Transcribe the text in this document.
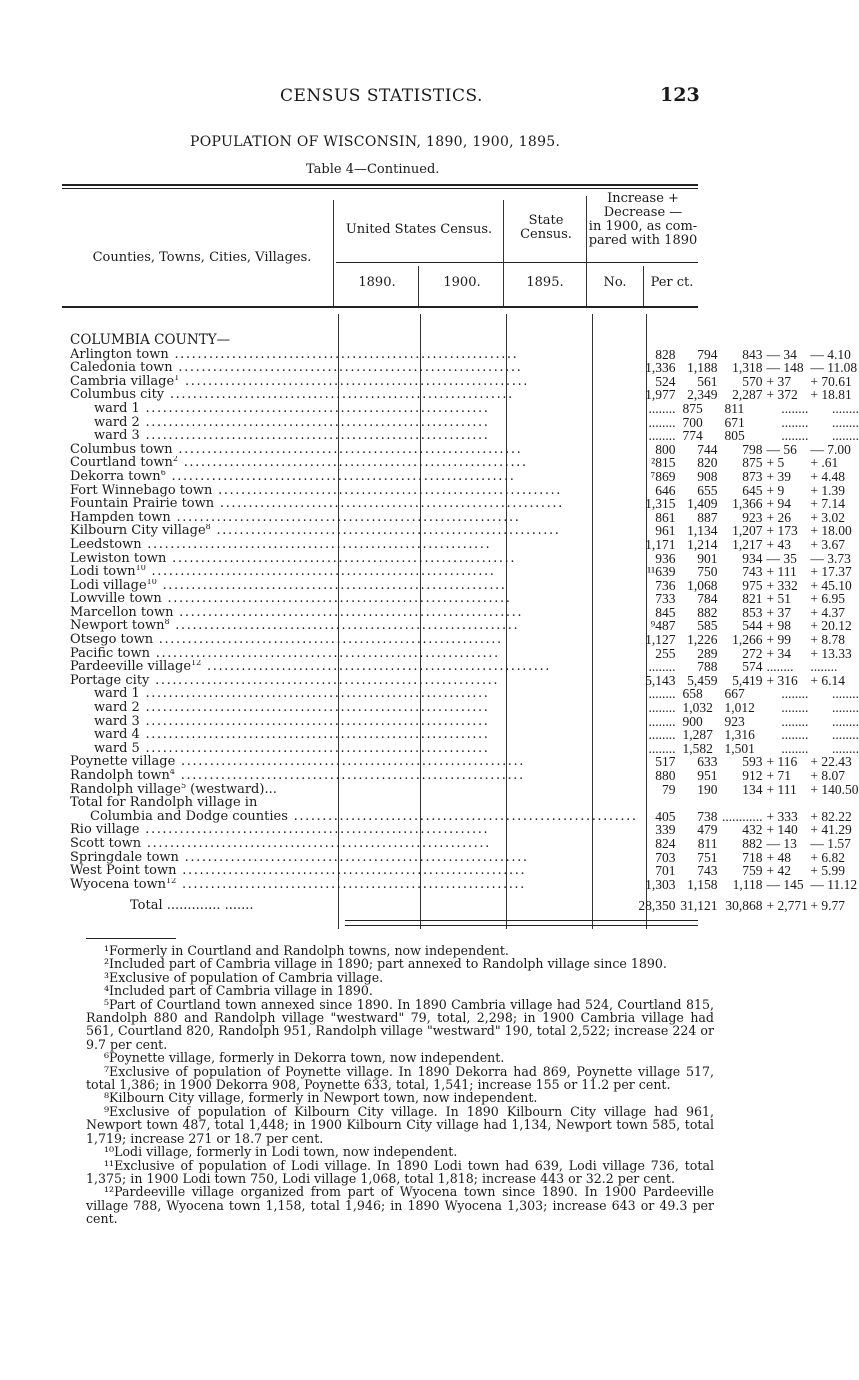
CENSUS STATISTICS.	123
POPULATION OF WISCONSIN, 1890, 1900, 1895.
Table 4—Continued.
Counties, Towns, Cities, Villages.
United States Census.
State Census.
Increase +
Decrease —
in 1900, as com-
pared with 1890
1890.	1900.	1895.	No.	Per ct.
COLUMBIA COUNTY—					
Arlington town ............................................................	828	794	843	— 34	— 4.10
Caledonia town ............................................................	1,336	1,188	1,318	— 148	— 11.08
Cambria village$^1$ ............................................................	524	561	570	+ 37	+ 70.61
Columbus city ............................................................	1,977	2,349	2,287	+ 372	+ 18.81
ward 1 ............................................................	........	875	811	........	........
ward 2 ............................................................	........	700	671	........	........
ward 3 ............................................................	........	774	805	........	........
Columbus town ............................................................	800	744	798	— 56	— 7.00
Courtland town$^2$ ............................................................	²815	820	875	+ 5	+ .61
Dekorra town$^6$ ............................................................	⁷869	908	873	+ 39	+ 4.48
Fort Winnebago town ............................................................	646	655	645	+ 9	+ 1.39
Fountain Prairie town ............................................................	1,315	1,409	1,366	+ 94	+ 7.14
Hampden town ............................................................	861	887	923	+ 26	+ 3.02
Kilbourn City village$^8$ ............................................................	961	1,134	1,207	+ 173	+ 18.00
Leedstown ............................................................	1,171	1,214	1,217	+ 43	+ 3.67
Lewiston town ............................................................	936	901	934	— 35	— 3.73
Lodi town$^{10}$ ............................................................	¹¹639	750	743	+ 111	+ 17.37
Lodi village$^{10}$ ............................................................	736	1,068	975	+ 332	+ 45.10
Lowville town ............................................................	733	784	821	+ 51	+ 6.95
Marcellon town ............................................................	845	882	853	+ 37	+ 4.37
Newport town$^8$ ............................................................	⁹487	585	544	+ 98	+ 20.12
Otsego town ............................................................	1,127	1,226	1,266	+ 99	+ 8.78
Pacific town ............................................................	255	289	272	+ 34	+ 13.33
Pardeeville village$^{12}$ ............................................................	........	788	574	........	........
Portage city ............................................................	5,143	5,459	5,419	+ 316	+ 6.14
ward 1 ............................................................	........	658	667	........	........
ward 2 ............................................................	........	1,032	1,012	........	........
ward 3 ............................................................	........	900	923	........	........
ward 4 ............................................................	........	1,287	1,316	........	........
ward 5 ............................................................	........	1,582	1,501	........	........
Poynette village ............................................................	517	633	593	+ 116	+ 22.43
Randolph town$^4$ ............................................................	880	951	912	+ 71	+ 8.07
Randolph village$^5$ (westward)...	79	190	134	+ 111	+ 140.50
Total for Randolph village in					
Columbia and Dodge counties ............................................................	405	738	............	+ 333	+ 82.22
Rio village ............................................................	339	479	432	+ 140	+ 41.29
Scott town ............................................................	824	811	882	— 13	— 1.57
Springdale town ............................................................	703	751	718	+ 48	+ 6.82
West Point town ............................................................	701	743	759	+ 42	+ 5.99
Wyocena town$^{12}$ ............................................................	1,303	1,158	1,118	— 145	— 11.12
Total ............. .......	28,350	31,121	30,868	+ 2,771	+ 9.77

¹Formerly in Courtland and Randolph towns, now independent.

²Included part of Cambria village in 1890; part annexed to Randolph village since 1890.

³Exclusive of population of Cambria village.

⁴Included part of Cambria village in 1890.

⁵Part of Courtland town annexed since 1890. In 1890 Cambria village had 524, Courtland 815, Randolph 880 and Randolph village "westward" 79, total, 2,298; in 1900 Cambria village had 561, Courtland 820, Randolph 951, Randolph village "westward" 190, total 2,522; increase 224 or 9.7 per cent.

⁶Poynette village, formerly in Dekorra town, now independent.

⁷Exclusive of population of Poynette village. In 1890 Dekorra had 869, Poynette village 517, total 1,386; in 1900 Dekorra 908, Poynette 633, total, 1,541; increase 155 or 11.2 per cent.

⁸Kilbourn City village, formerly in Newport town, now independent.

⁹Exclusive of population of Kilbourn City village. In 1890 Kilbourn City village had 961, Newport town 487, total 1,448; in 1900 Kilbourn City village had 1,134, Newport town 585, total 1,719; increase 271 or 18.7 per cent.

¹⁰Lodi village, formerly in Lodi town, now independent.

¹¹Exclusive of population of Lodi village. In 1890 Lodi town had 639, Lodi village 736, total 1,375; in 1900 Lodi town 750, Lodi village 1,068, total 1,818; increase 443 or 32.2 per cent.

¹²Pardeeville village organized from part of Wyocena town since 1890. In 1900 Pardeeville village 788, Wyocena town 1,158, total 1,946; in 1890 Wyocena 1,303; increase 643 or 49.3 per cent.
